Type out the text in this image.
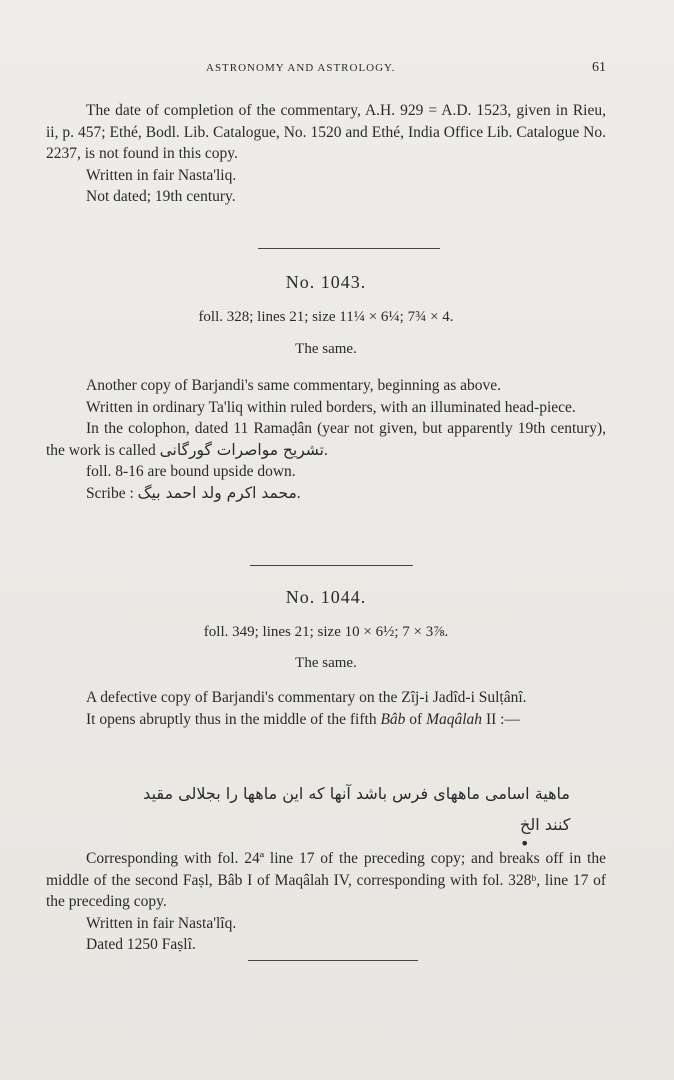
ASTRONOMY AND ASTROLOGY.	61

The date of completion of the commentary, A.H. 929 = A.D. 1523, given in Rieu, ii, p. 457; Ethé, Bodl. Lib. Catalogue, No. 1520 and Ethé, India Office Lib. Catalogue No. 2237, is not found in this copy.

Written in fair Nasta'liq.

Not dated; 19th century.

No. 1043.
foll. 328; lines 21; size 11¼ × 6¼; 7¾ × 4.
The same.

Another copy of Barjandi's same commentary, beginning as above.

Written in ordinary Ta'liq within ruled borders, with an illuminated head-piece.

In the colophon, dated 11 Ramaḍân (year not given, but apparently 19th century), the work is called تشریح مواصرات گورگانی.

foll. 8-16 are bound upside down.

Scribe : محمد اکرم ولد احمد بیگ.

No. 1044.
foll. 349; lines 21; size 10 × 6½; 7 × 3⅞.
The same.

A defective copy of Barjandi's commentary on the Zîj-i Jadîd-i Sulṭânî.

It opens abruptly thus in the middle of the fifth Bâb of Maqâlah II :—

ماهیة اسامی ماههای فرس باشد آنها که این ماهها را بجلالی مقید
کنند الخ •

Corresponding with fol. 24ª line 17 of the preceding copy; and breaks off in the middle of the second Faṣl, Bâb I of Maqâlah IV, corresponding with fol. 328ᵇ, line 17 of the preceding copy.

Written in fair Nasta'lîq.

Dated 1250 Faṣlî.
